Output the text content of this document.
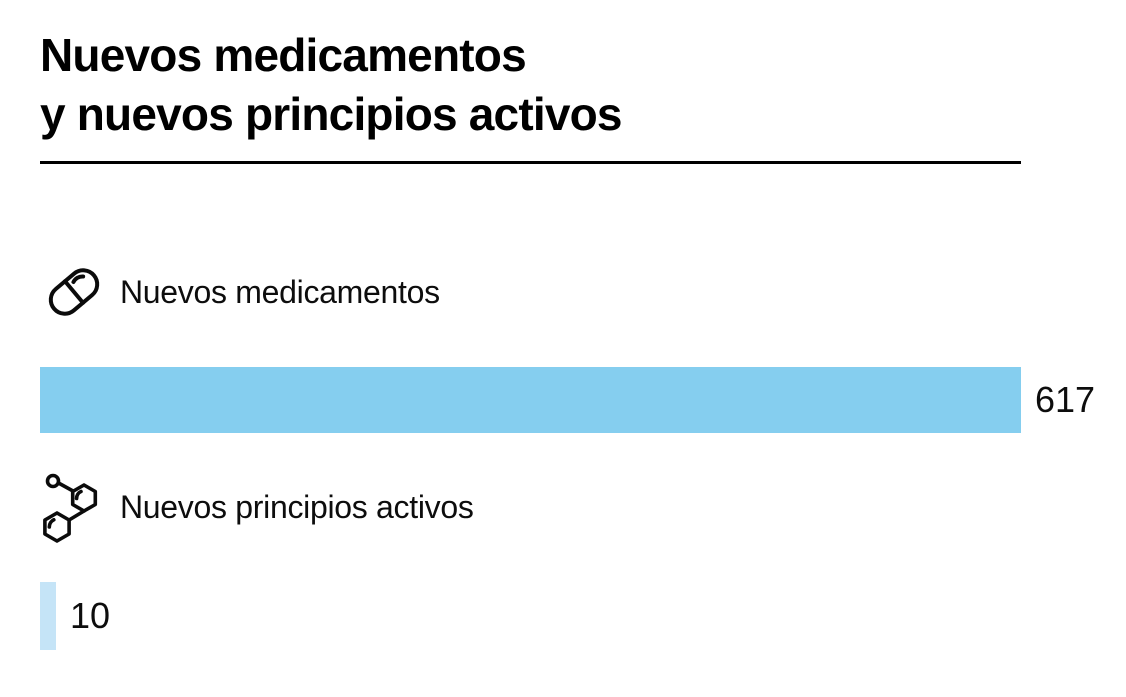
Nuevos medicamentos
y nuevos principios activos
Nuevos medicamentos
617
Nuevos principios activos
10
